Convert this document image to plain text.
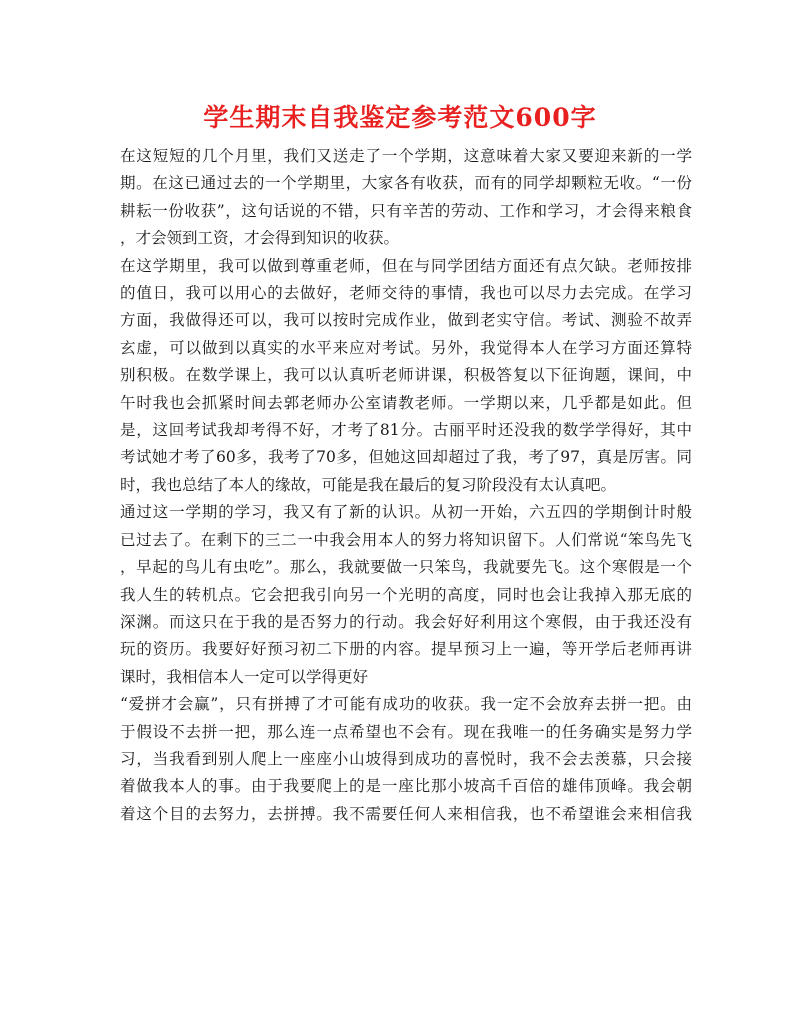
学生期末自我鉴定参考范文600字
在这短短的几个月里，我们又送走了一个学期，这意味着大家又要迎来新的一学
期。在这已通过去的一个学期里，大家各有收获，而有的同学却颗粒无收。“一份
耕耘一份收获”，这句话说的不错，只有辛苦的劳动、工作和学习，才会得来粮食
，才会领到工资，才会得到知识的收获。
在这学期里，我可以做到尊重老师，但在与同学团结方面还有点欠缺。老师按排
的值日，我可以用心的去做好，老师交待的事情，我也可以尽力去完成。在学习
方面，我做得还可以，我可以按时完成作业，做到老实守信。考试、测验不故弄
玄虚，可以做到以真实的水平来应对考试。另外，我觉得本人在学习方面还算特
别积极。在数学课上，我可以认真听老师讲课，积极答复以下征询题，课间，中
午时我也会抓紧时间去郭老师办公室请教老师。一学期以来，几乎都是如此。但
是，这回考试我却考得不好，才考了81分。古丽平时还没我的数学学得好，其中
考试她才考了60多，我考了70多，但她这回却超过了我，考了97，真是厉害。同
时，我也总结了本人的缘故，可能是我在最后的复习阶段没有太认真吧。
通过这一学期的学习，我又有了新的认识。从初一开始，六五四的学期倒计时般
已过去了。在剩下的三二一中我会用本人的努力将知识留下。人们常说“笨鸟先飞
，早起的鸟儿有虫吃”。那么，我就要做一只笨鸟，我就要先飞。这个寒假是一个
我人生的转机点。它会把我引向另一个光明的高度，同时也会让我掉入那无底的
深渊。而这只在于我的是否努力的行动。我会好好利用这个寒假，由于我还没有
玩的资历。我要好好预习初二下册的内容。提早预习上一遍，等开学后老师再讲
课时，我相信本人一定可以学得更好
“爱拼才会赢”，只有拼搏了才可能有成功的收获。我一定不会放弃去拼一把。由
于假设不去拼一把，那么连一点希望也不会有。现在我唯一的任务确实是努力学
习，当我看到别人爬上一座座小山坡得到成功的喜悦时，我不会去羡慕，只会接
着做我本人的事。由于我要爬上的是一座比那小坡高千百倍的雄伟顶峰。我会朝
着这个目的去努力，去拼搏。我不需要任何人来相信我，也不希望谁会来相信我
